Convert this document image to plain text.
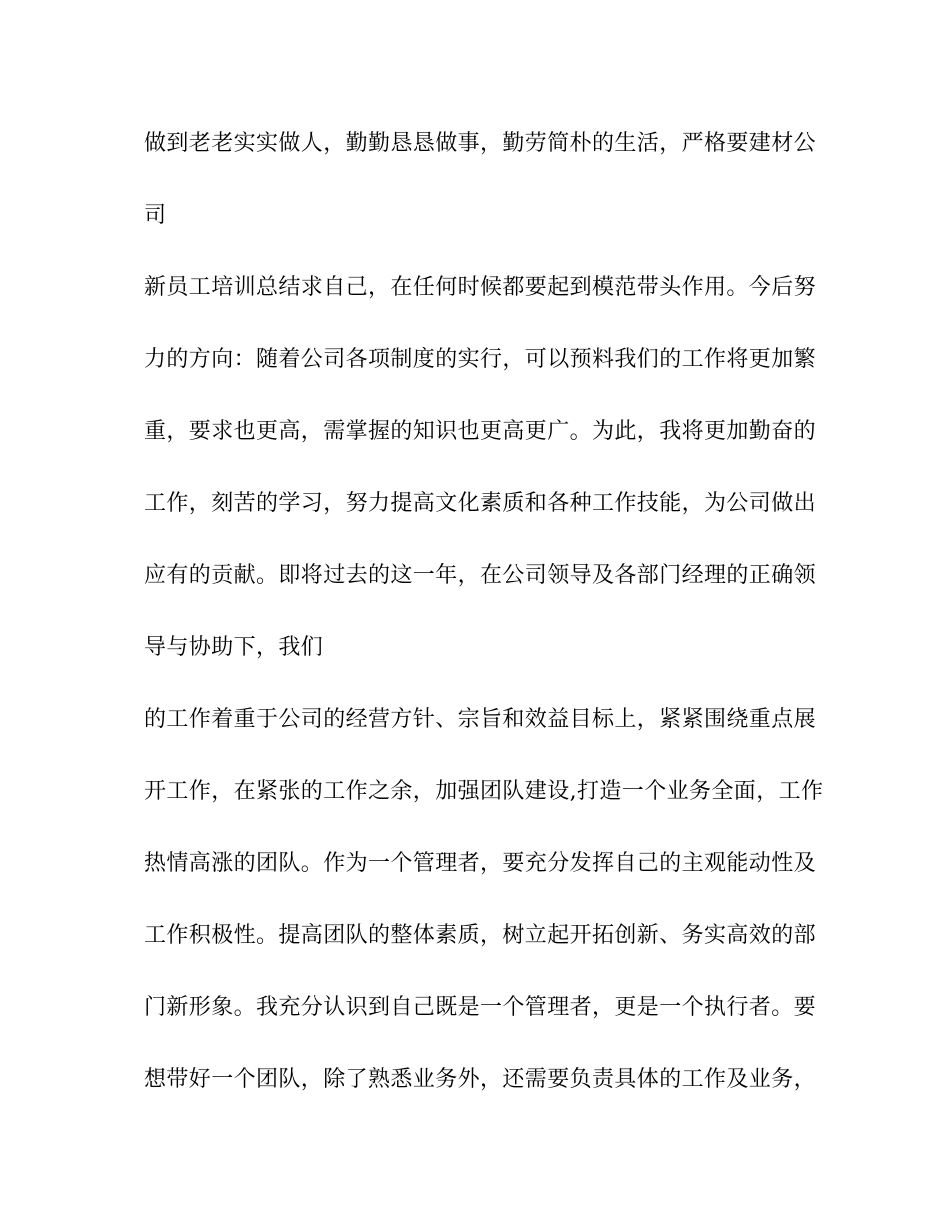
做到老老实实做人，勤勤恳恳做事，勤劳简朴的生活，严格要建材公

司

新员工培训总结求自己，在任何时候都要起到模范带头作用。今后努

力的方向：随着公司各项制度的实行，可以预料我们的工作将更加繁

重，要求也更高，需掌握的知识也更高更广。为此，我将更加勤奋的

工作，刻苦的学习，努力提高文化素质和各种工作技能，为公司做出

应有的贡献。即将过去的这一年，在公司领导及各部门经理的正确领

导与协助下，我们

的工作着重于公司的经营方针、宗旨和效益目标上，紧紧围绕重点展

开工作，在紧张的工作之余，加强团队建设,打造一个业务全面，工作

热情高涨的团队。作为一个管理者，要充分发挥自己的主观能动性及

工作积极性。提高团队的整体素质，树立起开拓创新、务实高效的部

门新形象。我充分认识到自己既是一个管理者，更是一个执行者。要

想带好一个团队，除了熟悉业务外，还需要负责具体的工作及业务，
